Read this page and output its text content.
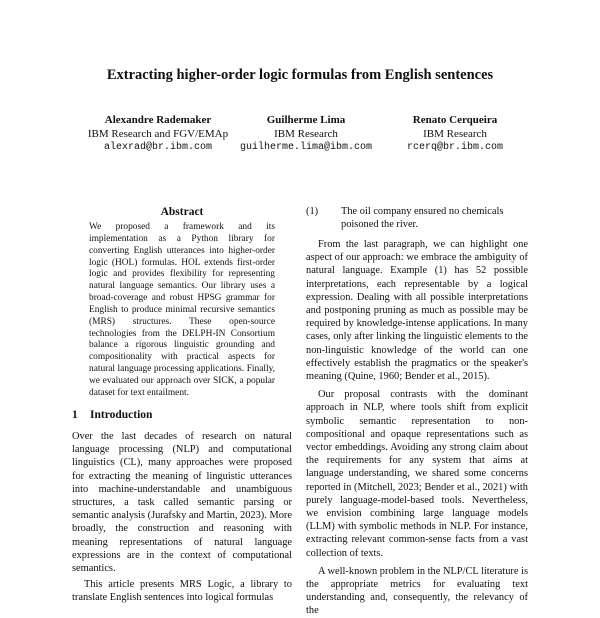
Extracting higher-order logic formulas from English sentences
Alexandre Rademaker
IBM Research and FGV/EMAp
alexrad@br.ibm.com
Guilherme Lima
IBM Research
guilherme.lima@ibm.com
Renato Cerqueira
IBM Research
rcerq@br.ibm.com
Abstract

We proposed a framework and its implementation as a Python library for converting English utterances into higher-order logic (HOL) formulas. HOL extends first-order logic and provides flexibility for representing natural language semantics. Our library uses a broad-coverage and robust HPSG grammar for English to produce minimal recursive semantics (MRS) structures. These open-source technologies from the DELPH-IN Consortium balance a rigorous linguistic grounding and compositionality with practical aspects for natural language processing applications. Finally, we evaluated our approach over SICK, a popular dataset for text entailment.

1 Introduction

Over the last decades of research on natural language processing (NLP) and computational linguistics (CL), many approaches were proposed for extracting the meaning of linguistic utterances into machine-understandable and unambiguous structures, a task called semantic parsing or semantic analysis (Jurafsky and Martin, 2023). More broadly, the construction and reasoning with meaning representations of natural language expressions are in the context of computational semantics.

This article presents MRS Logic, a library to translate English sentences into logical formulas

(1) The oil company ensured no chemicals poisoned the river.

From the last paragraph, we can highlight one aspect of our approach: we embrace the ambiguity of natural language. Example (1) has 52 possible interpretations, each representable by a logical expression. Dealing with all possible interpretations and postponing pruning as much as possible may be required by knowledge-intense applications. In many cases, only after linking the linguistic elements to the non-linguistic knowledge of the world can one effectively establish the pragmatics or the speaker's meaning (Quine, 1960; Bender et al., 2015).

Our proposal contrasts with the dominant approach in NLP, where tools shift from explicit symbolic semantic representation to non-compositional and opaque representations such as vector embeddings. Avoiding any strong claim about the requirements for any system that aims at language understanding, we shared some concerns reported in (Mitchell, 2023; Bender et al., 2021) with purely language-model-based tools. Nevertheless, we envision combining large language models (LLM) with symbolic methods in NLP. For instance, extracting relevant common-sense facts from a vast collection of texts.

A well-known problem in the NLP/CL literature is the appropriate metrics for evaluating text understanding and, consequently, the relevancy of the
